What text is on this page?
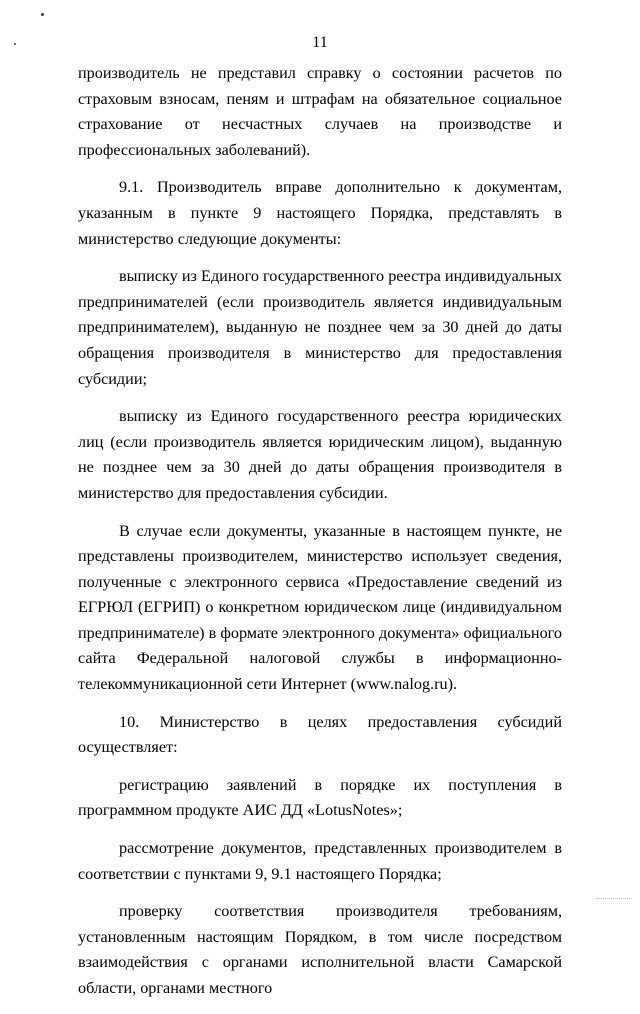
11

производитель не представил справку о состоянии расчетов по страховым взносам, пеням и штрафам на обязательное социальное страхование от несчастных случаев на производстве и профессиональных заболеваний).

9.1. Производитель вправе дополнительно к документам, указанным в пункте 9 настоящего Порядка, представлять в министерство следующие документы:

выписку из Единого государственного реестра индивидуальных предпринимателей (если производитель является индивидуальным предпринимателем), выданную не позднее чем за 30 дней до даты обращения производителя в министерство для предоставления субсидии;

выписку из Единого государственного реестра юридических лиц (если производитель является юридическим лицом), выданную не позднее чем за 30 дней до даты обращения производителя в министерство для предоставления субсидии.

В случае если документы, указанные в настоящем пункте, не представлены производителем, министерство использует сведения, полученные с электронного сервиса «Предоставление сведений из ЕГРЮЛ (ЕГРИП) о конкретном юридическом лице (индивидуальном предпринимателе) в формате электронного документа» официального сайта Федеральной налоговой службы в информационно-телекоммуникационной сети Интернет (www.nalog.ru).

10. Министерство в целях предоставления субсидий осуществляет:

регистрацию заявлений в порядке их поступления в программном продукте АИС ДД «LotusNotes»;

рассмотрение документов, представленных производителем в соответствии с пунктами 9, 9.1 настоящего Порядка;

проверку соответствия производителя требованиям, установленным настоящим Порядком, в том числе посредством взаимодействия с органами исполнительной власти Самарской области, органами местного
